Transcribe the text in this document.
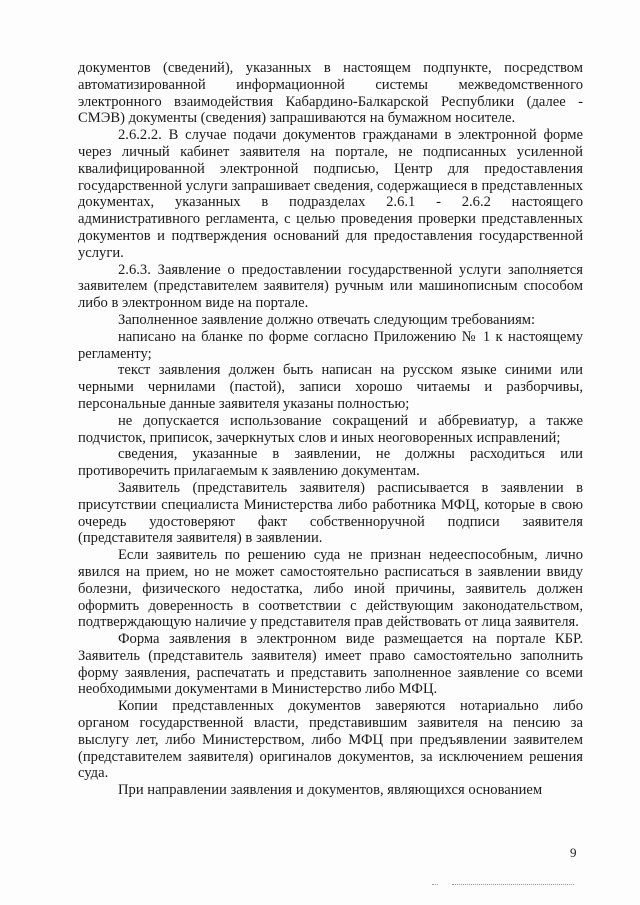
документов (сведений), указанных в настоящем подпункте, посредством автоматизированной информационной системы межведомственного электронного взаимодействия Кабардино-Балкарской Республики (далее - СМЭВ) документы (сведения) запрашиваются на бумажном носителе.

2.6.2.2. В случае подачи документов гражданами в электронной форме через личный кабинет заявителя на портале, не подписанных усиленной квалифицированной электронной подписью, Центр для предоставления государственной услуги запрашивает сведения, содержащиеся в представленных документах, указанных в подразделах 2.6.1 - 2.6.2 настоящего административного регламента, с целью проведения проверки представленных документов и подтверждения оснований для предоставления государственной услуги.

2.6.3. Заявление о предоставлении государственной услуги заполняется заявителем (представителем заявителя) ручным или машинописным способом либо в электронном виде на портале.

Заполненное заявление должно отвечать следующим требованиям:

написано на бланке по форме согласно Приложению № 1 к настоящему регламенту;

текст заявления должен быть написан на русском языке синими или черными чернилами (пастой), записи хорошо читаемы и разборчивы, персональные данные заявителя указаны полностью;

не допускается использование сокращений и аббревиатур, а также подчисток, приписок, зачеркнутых слов и иных неоговоренных исправлений;

сведения, указанные в заявлении, не должны расходиться или противоречить прилагаемым к заявлению документам.

Заявитель (представитель заявителя) расписывается в заявлении в присутствии специалиста Министерства либо работника МФЦ, которые в свою очередь удостоверяют факт собственноручной подписи заявителя (представителя заявителя) в заявлении.

Если заявитель по решению суда не признан недееспособным, лично явился на прием, но не может самостоятельно расписаться в заявлении ввиду болезни, физического недостатка, либо иной причины, заявитель должен оформить доверенность в соответствии с действующим законодательством, подтверждающую наличие у представителя прав действовать от лица заявителя.

Форма заявления в электронном виде размещается на портале КБР. Заявитель (представитель заявителя) имеет право самостоятельно заполнить форму заявления, распечатать и представить заполненное заявление со всеми необходимыми документами в Министерство либо МФЦ.

Копии представленных документов заверяются нотариально либо органом государственной власти, представившим заявителя на пенсию за выслугу лет, либо Министерством, либо МФЦ при предъявлении заявителем (представителем заявителя) оригиналов документов, за исключением решения суда.

При направлении заявления и документов, являющихся основанием

9
